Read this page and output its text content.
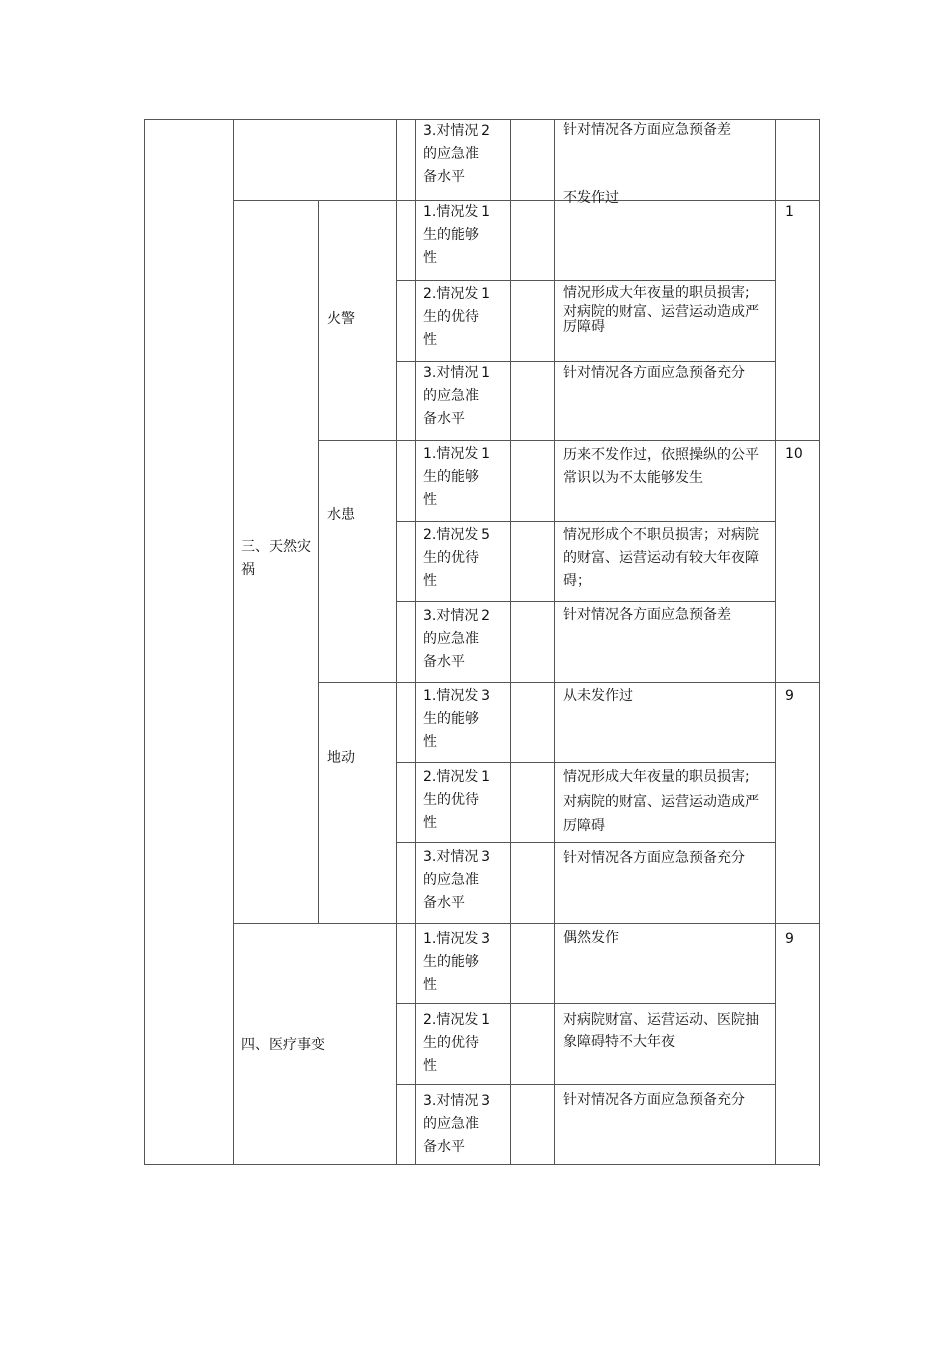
三、天然灾祸
四、医疗事变
火警
水患
地动
3.对情况  2
的应急准
备水平
针对情况各方面应急预备差
1.情况发  1
生的能够
性
不发作过
2.情况发  1
生的优待
性
情况形成大年夜量的职员损害;
对病院的财富、运营运动造成严厉障碍
3.对情况  1
的应急准
备水平
针对情况各方面应急预备充分
1.情况发  1
生的能够
性
历来不发作过，依照操纵的公平常识以为不太能够发生
2.情况发  5
生的优待
性
情况形成个不职员损害；对病院的财富、运营运动有较大年夜障碍；
3.对情况  2
的应急准
备水平
针对情况各方面应急预备差
1.情况发  3
生的能够
性
从未发作过
2.情况发  1
生的优待
性
情况形成大年夜量的职员损害;
对病院的财富、运营运动造成严厉障碍
3.对情况  3
的应急准
备水平
针对情况各方面应急预备充分
1.情况发  3
生的能够
性
偶然发作
2.情况发  1
生的优待
性
对病院财富、运营运动、医院抽象障碍特不大年夜
3.对情况  3
的应急准
备水平
针对情况各方面应急预备充分
1
10
9
9
